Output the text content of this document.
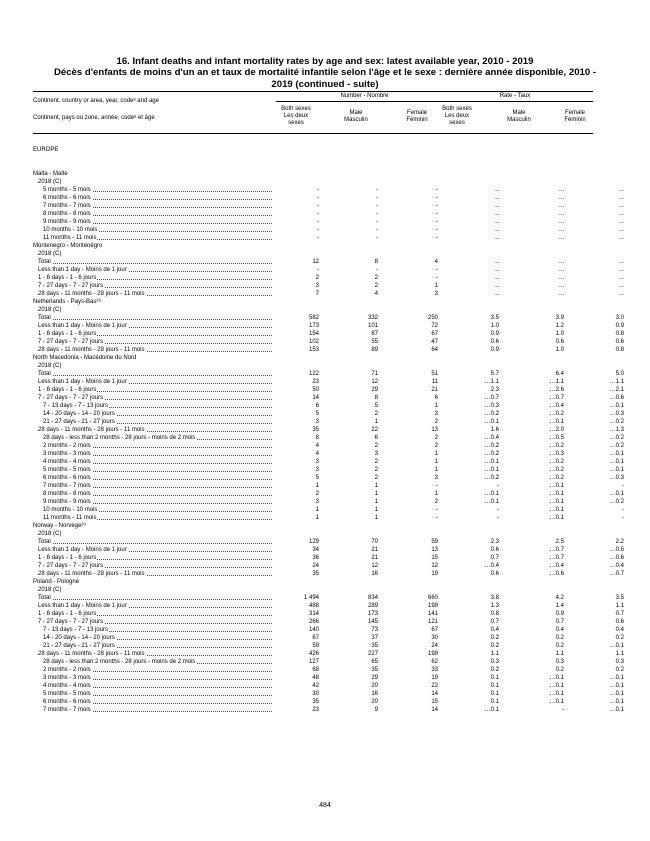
16. Infant deaths and infant mortality rates by age and sex: latest available year, 2010 - 2019
Décès d'enfants de moins d'un an et taux de mortalité infantile selon l'âge et le sexe : dernière année disponible, 2010 -
2019 (continued - suite)
Continent, country or area, year, codeᵃ and age
Continent, pays ou zone, année, codeᵃ et âge
Number - Nombre	Rate - Taux
Both sexes
Les deux
sexes
Male
Masculin
Female
Féminin
Both sexes
Les deux
sexes
Male
Masculin
Female
Féminin
EUROPE
Malta - Malte
2018 (C)
5 months - 5 mois	-	-	-	...	...	...
6 months - 6 mois	-	-	-	...	...	...
7 months - 7 mois	-	-	-	...	...	...
8 months - 8 mois	-	-	-	...	...	...
9 months - 9 mois	-	-	-	...	...	...
10 months - 10 mois	-	-	-	...	...	...
11 months - 11 mois	-	-	-	...	...	...
Montenegro - Monténégro
2018 (C)
Total	12	8	4	...	...	...
Less than 1 day - Moins de 1 jour	-	-	-	...	...	...
1 - 6 days - 1 - 6 jours	2	2	-	...	...	...
7 - 27 days - 7 - 27 jours	3	2	1	...	...	...
28 days - 11 months - 28 jours - 11 mois	7	4	3	...	...	...
Netherlands - Pays-Bas²⁸
2018 (C)
Total	582	332	250	3.5	3.9	3.0
Less than 1 day - Moins de 1 jour	173	101	72	1.0	1.2	0.9
1 - 6 days - 1 - 6 jours	154	87	67	0.9	1.0	0.8
7 - 27 days - 7 - 27 jours	102	55	47	0.6	0.6	0.6
28 days - 11 months - 28 jours - 11 mois	153	89	64	0.9	1.0	0.8
North Macedonia - Macédoine du Nord
2018 (C)
Total	122	71	51	5.7	6.4	5.0
Less than 1 day - Moins de 1 jour	23	12	11	…1.1	…1.1	…1.1
1 - 6 days - 1 - 6 jours	50	29	21	2.3	…2.6	…2.1
7 - 27 days - 7 - 27 jours	14	8	6	…0.7	…0.7	…0.6
7 - 13 days - 7 - 13 jours	6	5	1	…0.3	…0.4	…0.1
14 - 20 days - 14 - 20 jours	5	2	3	…0.2	…0.2	…0.3
21 - 27 days - 21 - 27 jours	3	1	2	…0.1	…0.1	…0.2
28 days - 11 months - 28 jours - 11 mois	35	22	13	1.6	…2.0	…1.3
28 days - less than 2 months - 28 jours - moins de 2 mois	8	6	2	…0.4	…0.5	…0.2
2 months - 2 mois	4	2	2	…0.2	…0.2	…0.2
3 months - 3 mois	4	3	1	…0.2	…0.3	…0.1
4 months - 4 mois	3	2	1	…0.1	…0.2	…0.1
5 months - 5 mois	3	2	1	…0.1	…0.2	…0.1
6 months - 6 mois	5	2	3	…0.2	…0.2	…0.3
7 months - 7 mois	1	1	-	-	…0.1	-
8 months - 8 mois	2	1	1	…0.1	…0.1	…0.1
9 months - 9 mois	3	1	2	…0.1	…0.1	…0.2
10 months - 10 mois	1	1	-	-	…0.1	-
11 months - 11 mois	1	1	-	-	…0.1	-
Norway - Norvège²⁹
2018 (C)
Total	129	70	59	2.3	2.5	2.2
Less than 1 day - Moins de 1 jour	34	21	13	0.6	…0.7	…0.5
1 - 6 days - 1 - 6 jours	36	21	15	0.7	…0.7	…0.6
7 - 27 days - 7 - 27 jours	24	12	12	…0.4	…0.4	…0.4
28 days - 11 months - 28 jours - 11 mois	35	16	19	0.6	…0.6	…0.7
Poland - Pologne
2018 (C)
Total	1 494	834	660	3.8	4.2	3.5
Less than 1 day - Moins de 1 jour	488	289	199	1.3	1.4	1.1
1 - 6 days - 1 - 6 jours	314	173	141	0.8	0.9	0.7
7 - 27 days - 7 - 27 jours	266	145	121	0.7	0.7	0.6
7 - 13 days - 7 - 13 jours	140	73	67	0.4	0.4	0.4
14 - 20 days - 14 - 20 jours	67	37	30	0.2	0.2	0.2
21 - 27 days - 21 - 27 jours	59	35	24	0.2	0.2	…0.1
28 days - 11 months - 28 jours - 11 mois	426	227	199	1.1	1.1	1.1
28 days - less than 2 months - 28 jours - moins de 2 mois	127	65	62	0.3	0.3	0.3
2 months - 2 mois	68	35	33	0.2	0.2	0.2
3 months - 3 mois	48	29	19	0.1	…0.1	…0.1
4 months - 4 mois	42	20	22	0.1	…0.1	…0.1
5 months - 5 mois	30	16	14	0.1	…0.1	…0.1
6 months - 6 mois	35	20	15	0.1	…0.1	…0.1
7 months - 7 mois	23	9	14	…0.1	-	…0.1
484
